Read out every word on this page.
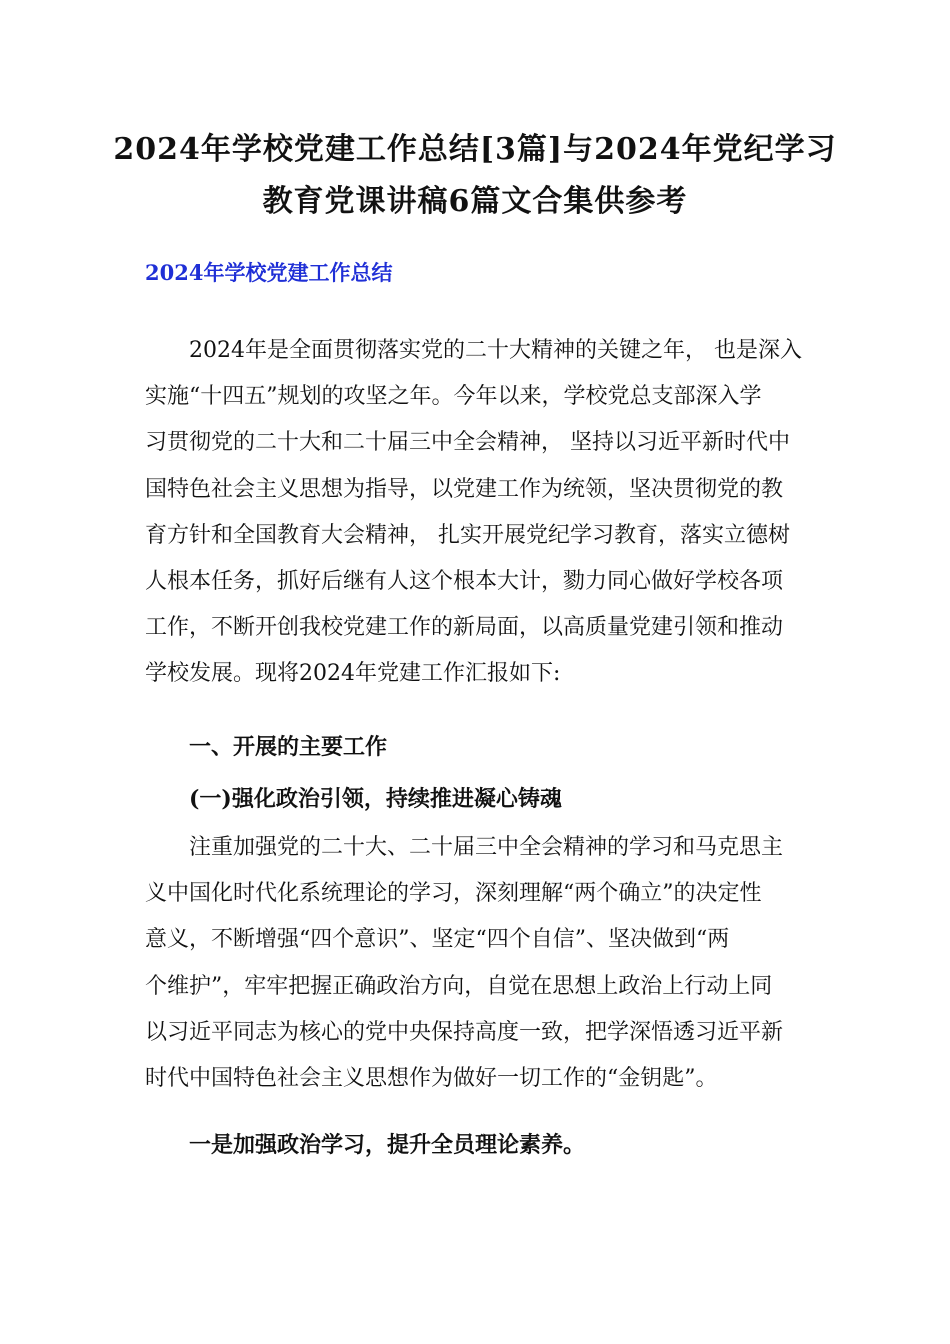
2024年学校党建工作总结[3篇]与2024年党纪学习
教育党课讲稿6篇文合集供参考
2024年学校党建工作总结
2024年是全面贯彻落实党的二十大精神的关键之年， 也是深入
实施“十四五”规划的攻坚之年。今年以来，学校党总支部深入学
习贯彻党的二十大和二十届三中全会精神， 坚持以习近平新时代中
国特色社会主义思想为指导，以党建工作为统领，坚决贯彻党的教
育方针和全国教育大会精神， 扎实开展党纪学习教育，落实立德树
人根本任务，抓好后继有人这个根本大计，勠力同心做好学校各项
工作，不断开创我校党建工作的新局面，以高质量党建引领和推动
学校发展。现将2024年党建工作汇报如下:
一、开展的主要工作
(一)强化政治引领，持续推进凝心铸魂
注重加强党的二十大、二十届三中全会精神的学习和马克思主
义中国化时代化系统理论的学习，深刻理解“两个确立”的决定性
意义，不断增强“四个意识”、坚定“四个自信”、坚决做到“两
个维护”，牢牢把握正确政治方向，自觉在思想上政治上行动上同
以习近平同志为核心的党中央保持高度一致，把学深悟透习近平新
时代中国特色社会主义思想作为做好一切工作的“金钥匙”。
一是加强政治学习，提升全员理论素养。
